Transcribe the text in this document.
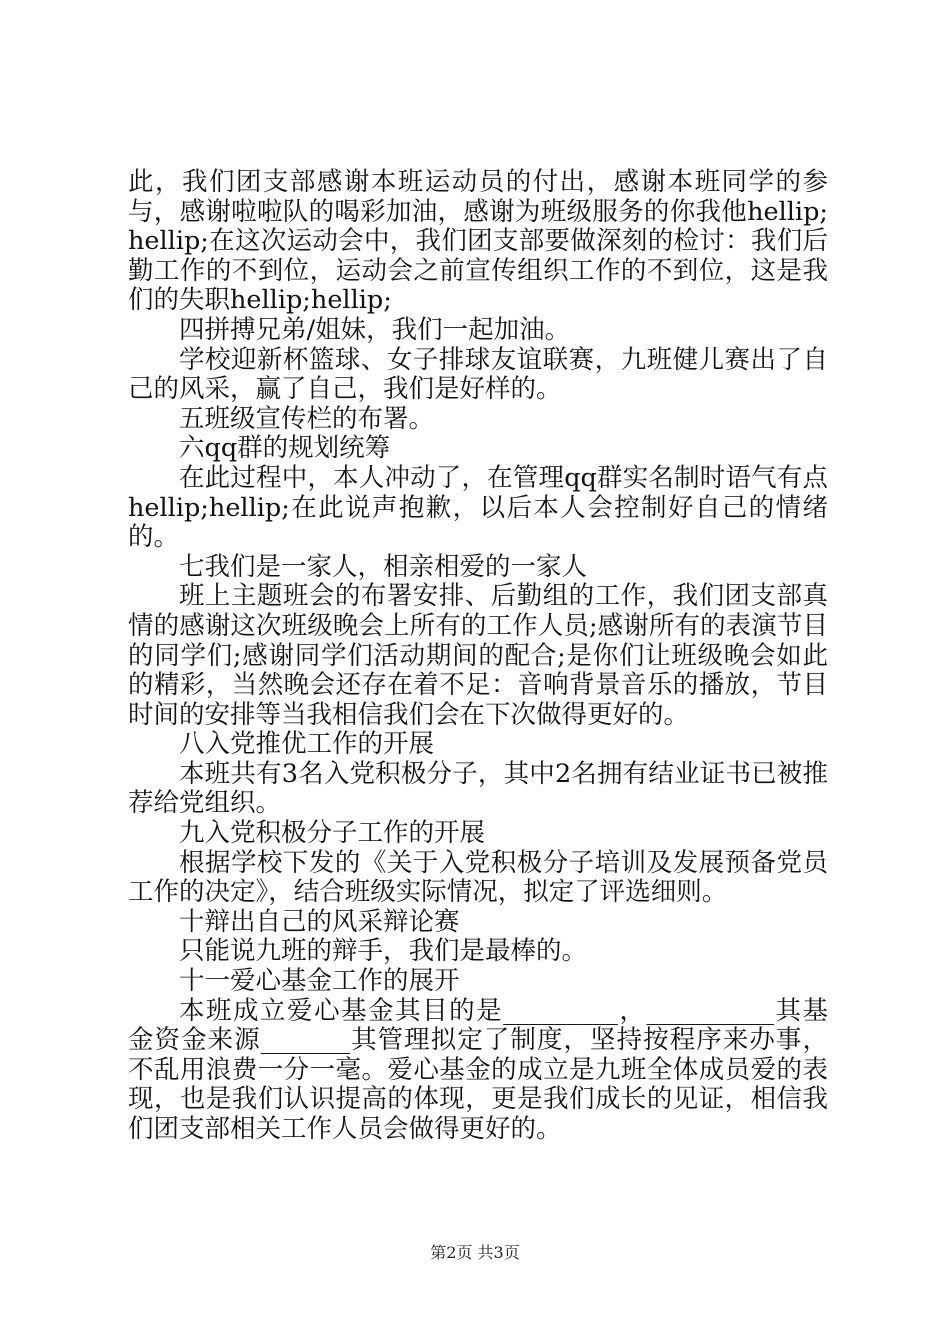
此，我们团支部感谢本班运动员的付出，感谢本班同学的参与，感谢啦啦队的喝彩加油，感谢为班级服务的你我他hellip;hellip;在这次运动会中，我们团支部要做深刻的检讨：我们后勤工作的不到位，运动会之前宣传组织工作的不到位，这是我们的失职hellip;hellip;

四拼搏兄弟/姐妹，我们一起加油。

学校迎新杯篮球、女子排球友谊联赛，九班健儿赛出了自己的风采，赢了自己，我们是好样的。

五班级宣传栏的布署。

六qq群的规划统筹

在此过程中，本人冲动了，在管理qq群实名制时语气有点hellip;hellip;在此说声抱歉，以后本人会控制好自己的情绪的。

七我们是一家人，相亲相爱的一家人

班上主题班会的布署安排、后勤组的工作，我们团支部真情的感谢这次班级晚会上所有的工作人员;感谢所有的表演节目的同学们;感谢同学们活动期间的配合;是你们让班级晚会如此的精彩，当然晚会还存在着不足：音响背景音乐的播放，节目时间的安排等当我相信我们会在下次做得更好的。

八入党推优工作的开展

本班共有3名入党积极分子，其中2名拥有结业证书已被推荐给党组织。

九入党积极分子工作的开展

根据学校下发的《关于入党积极分子培训及发展预备党员工作的决定》，结合班级实际情况，拟定了评选细则。

十辩出自己的风采辩论赛

只能说九班的辩手，我们是最棒的。

十一爱心基金工作的展开

本班成立爱心基金其目的是_________，__________其基金资金来源_______其管理拟定了制度，坚持按程序来办事，不乱用浪费一分一毫。爱心基金的成立是九班全体成员爱的表现，也是我们认识提高的体现，更是我们成长的见证，相信我们团支部相关工作人员会做得更好的。

第2页 共3页
